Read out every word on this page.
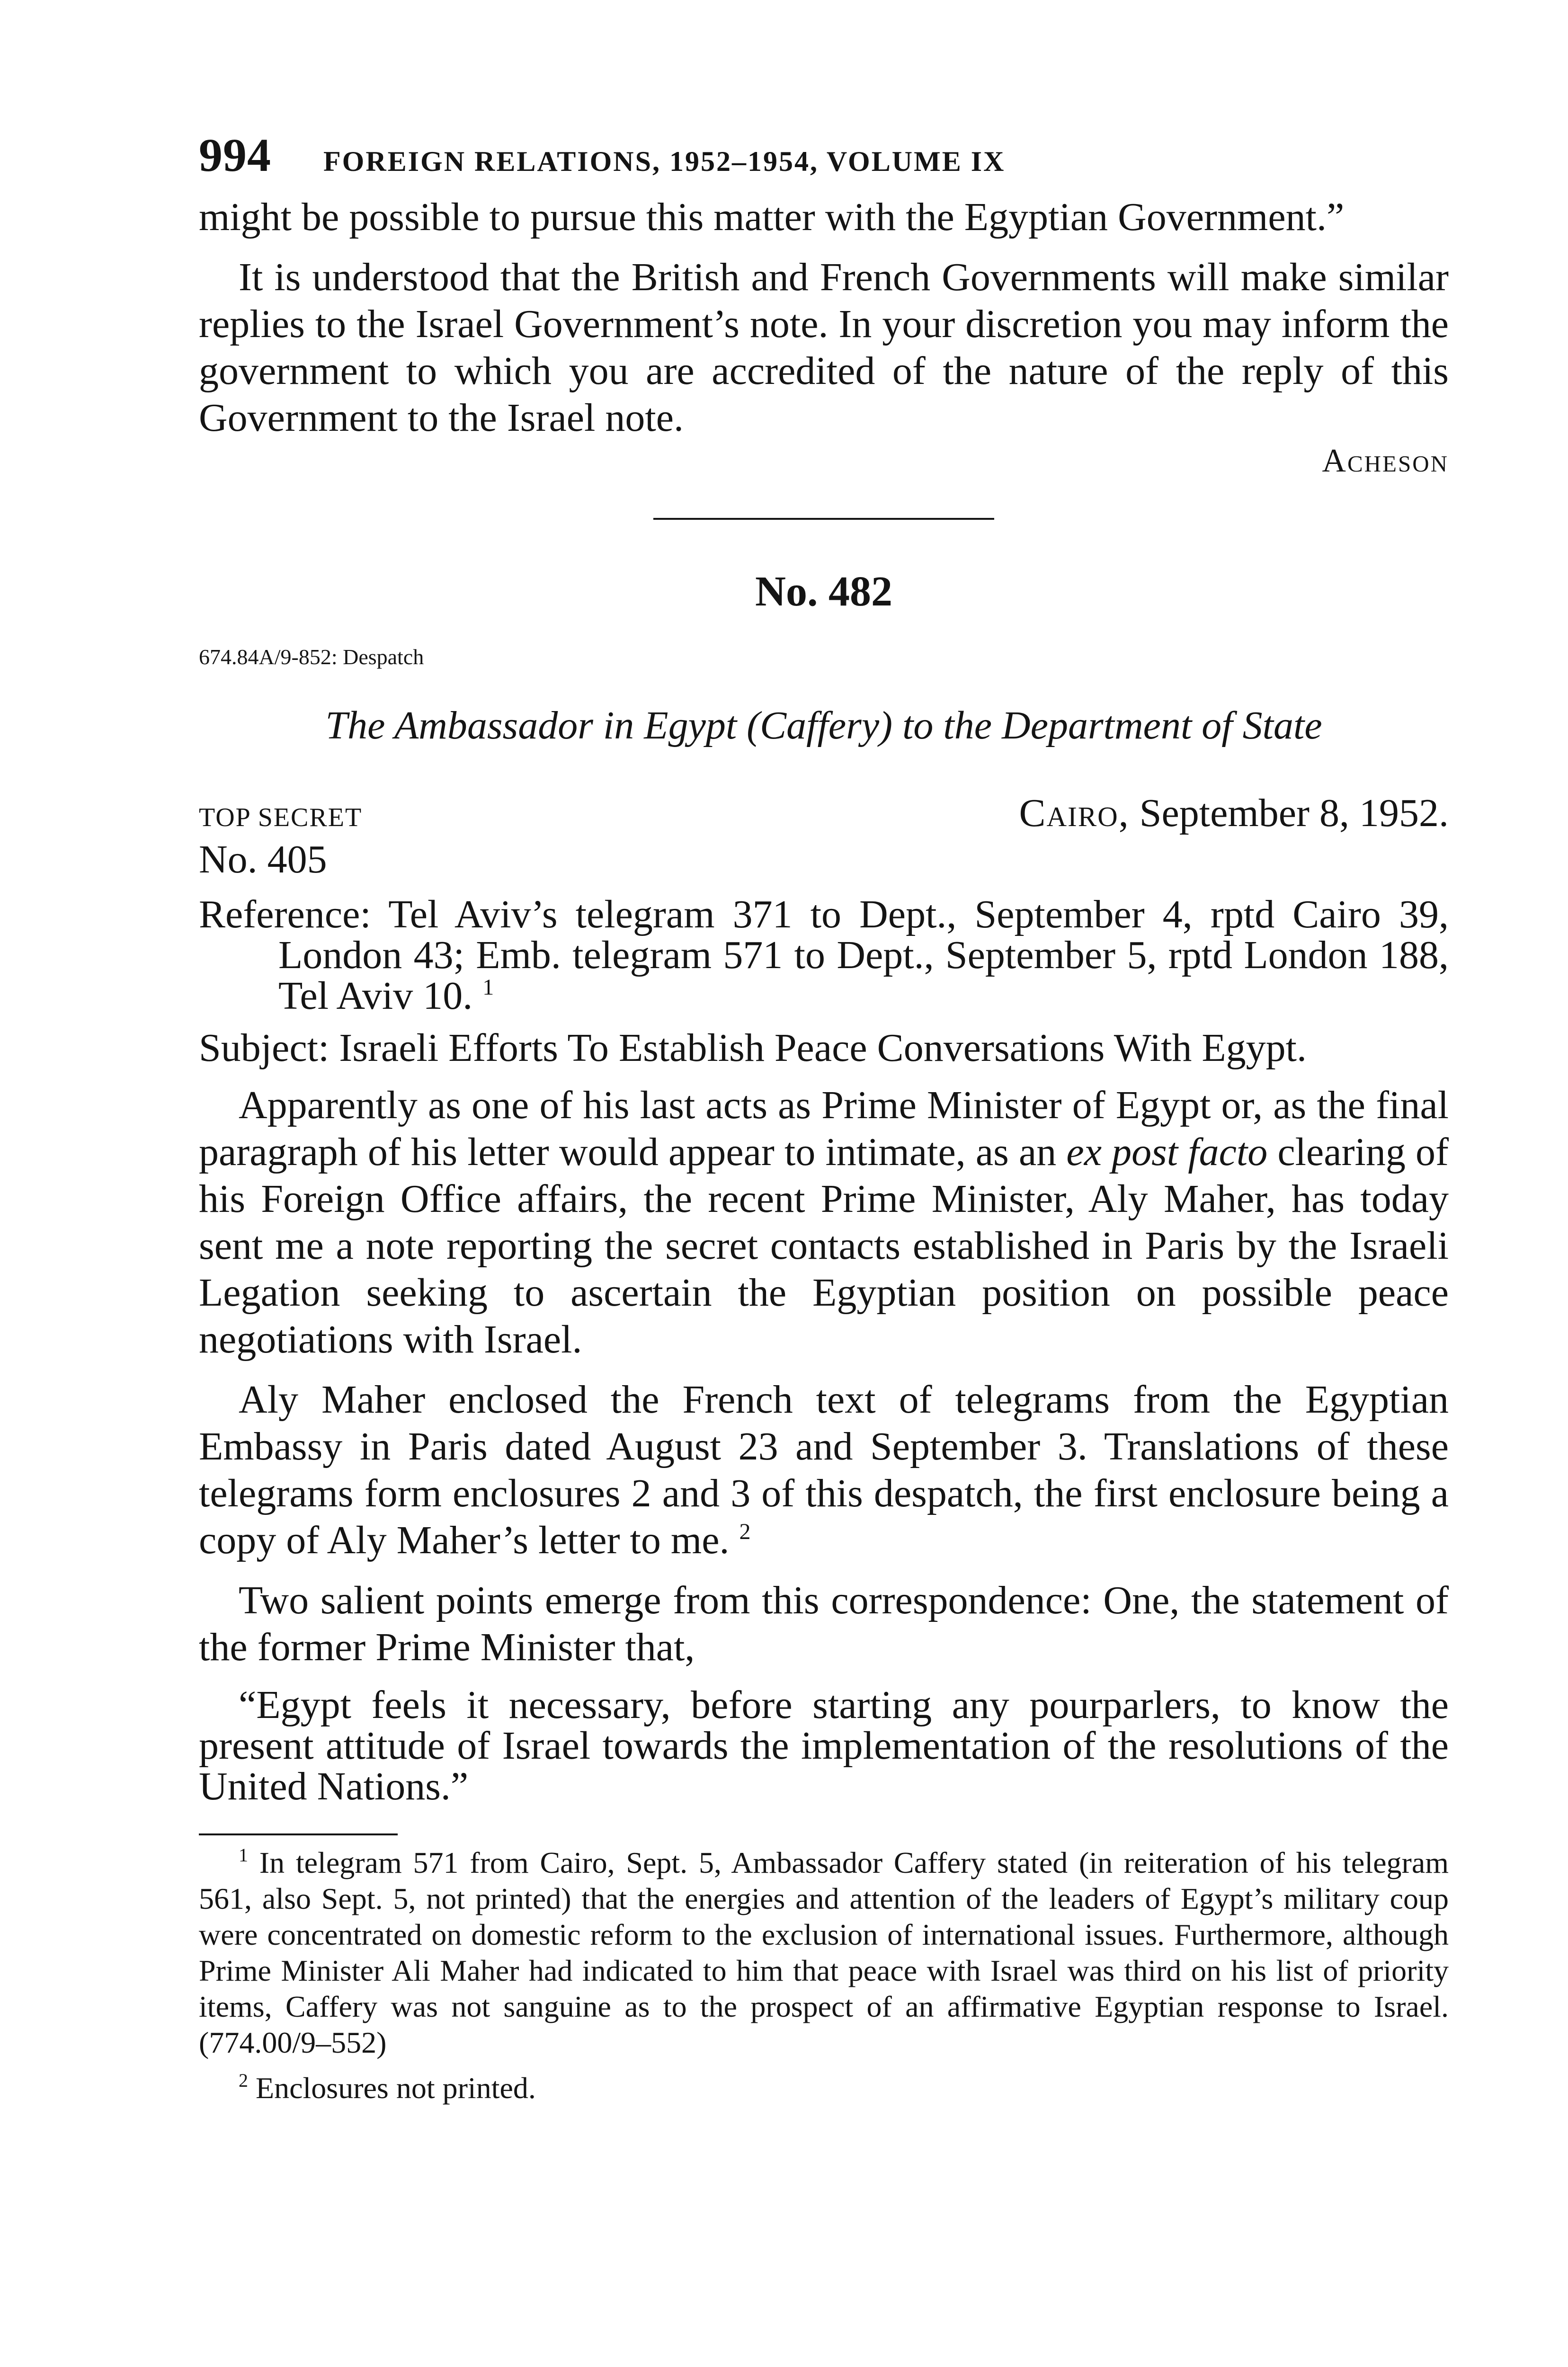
994 FOREIGN RELATIONS, 1952–1954, VOLUME IX

might be possible to pursue this matter with the Egyptian Government.”

It is understood that the British and French Governments will make similar replies to the Israel Government’s note. In your discretion you may inform the government to which you are accredited of the nature of the reply of this Government to the Israel note.

Acheson
No. 482
674.84A/9-852: Despatch
The Ambassador in Egypt (Caffery) to the Department of State
TOP SECRET	Cairo, September 8, 1952.
No. 405

Reference: Tel Aviv’s telegram 371 to Dept., September 4, rptd Cairo 39, London 43; Emb. telegram 571 to Dept., September 5, rptd London 188, Tel Aviv 10. $^1$

Subject: Israeli Efforts To Establish Peace Conversations With Egypt.

Apparently as one of his last acts as Prime Minister of Egypt or, as the final paragraph of his letter would appear to intimate, as an ex post facto clearing of his Foreign Office affairs, the recent Prime Minister, Aly Maher, has today sent me a note reporting the secret contacts established in Paris by the Israeli Legation seeking to ascertain the Egyptian position on possible peace negotiations with Israel.

Aly Maher enclosed the French text of telegrams from the Egyptian Embassy in Paris dated August 23 and September 3. Translations of these telegrams form enclosures 2 and 3 of this despatch, the first enclosure being a copy of Aly Maher’s letter to me. $^2$

Two salient points emerge from this correspondence: One, the statement of the former Prime Minister that,

“Egypt feels it necessary, before starting any pourparlers, to know the present attitude of Israel towards the implementation of the resolutions of the United Nations.”

$^1$ In telegram 571 from Cairo, Sept. 5, Ambassador Caffery stated (in reiteration of his telegram 561, also Sept. 5, not printed) that the energies and attention of the leaders of Egypt’s military coup were concentrated on domestic reform to the exclusion of international issues. Furthermore, although Prime Minister Ali Maher had indicated to him that peace with Israel was third on his list of priority items, Caffery was not sanguine as to the prospect of an affirmative Egyptian response to Israel. (774.00/9–552)

$^2$ Enclosures not printed.
